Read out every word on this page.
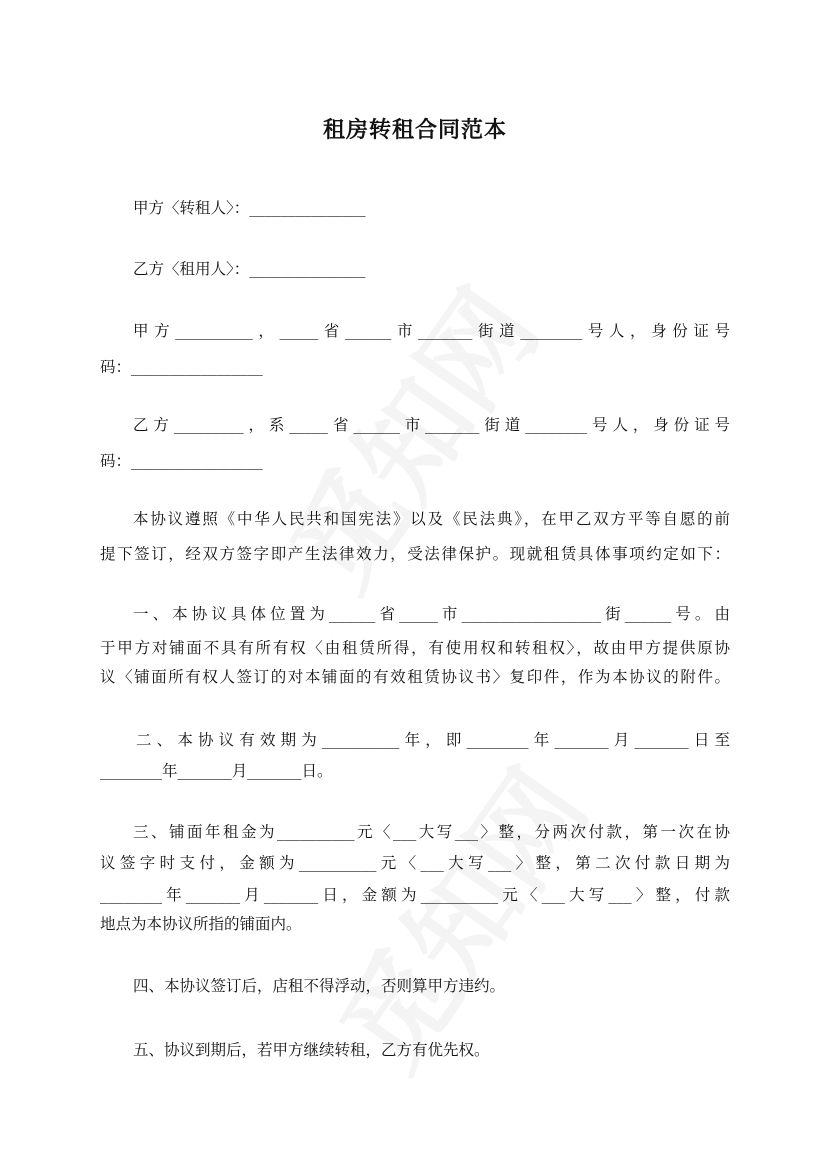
租房转租合同范本
甲方〈转租人〉：_______________
乙方〈租用人〉：_______________
甲方__________，_____省______市_______街道________号人，身份证号
码：_________________
乙方_________，系_____省______市_______街道________号人，身份证号
码：_________________
本协议遵照《中华人民共和国宪法》以及《民法典》，在甲乙双方平等自愿的前
提下签订，经双方签字即产生法律效力，受法律保护。现就租赁具体事项约定如下：
一、本协议具体位置为______省_____市__________________街______号。由
于甲方对铺面不具有所有权〈由租赁所得，有使用权和转租权〉，故由甲方提供原协
议〈铺面所有权人签订的对本铺面的有效租赁协议书〉复印件，作为本协议的附件。
二、本协议有效期为__________年，即________年_______月_______日至
________年_______月_______日。
三、铺面年租金为__________元〈___大写___〉整，分两次付款，第一次在协
议签字时支付，金额为__________元〈___大写___〉整，第二次付款日期为
________年_______月_______日，金额为__________元〈___大写___〉整，付款
地点为本协议所指的铺面内。
四、本协议签订后，店租不得浮动，否则算甲方违约。
五、协议到期后，若甲方继续转租，乙方有优先权。
